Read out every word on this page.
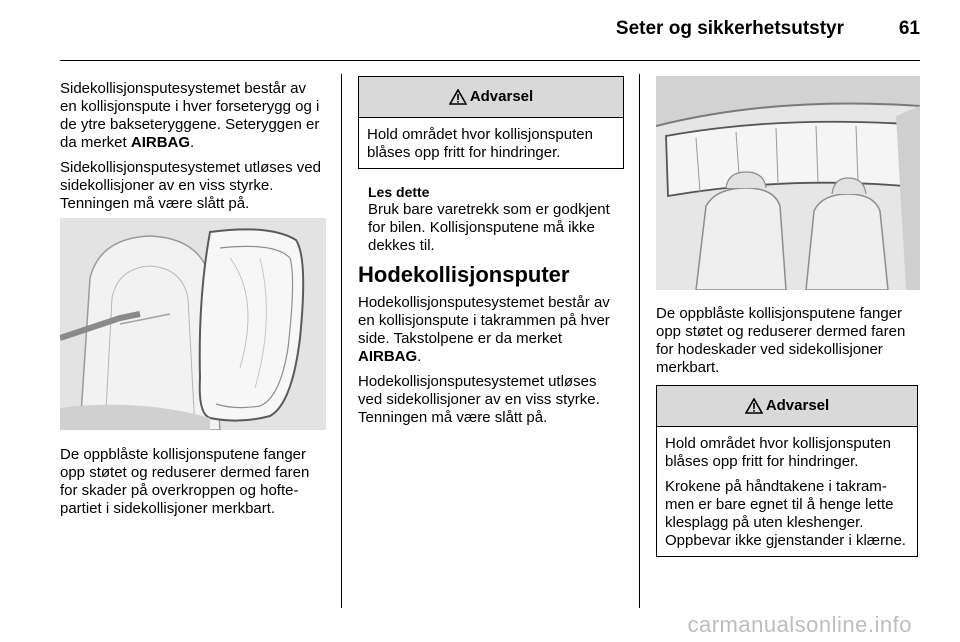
Seter og sikkerhetsutstyr	61

Sidekollisjonsputesystemet består av en kollisjonspute i hver forseterygg og i de ytre bakseteryggene. Seteryggen er da merket AIRBAG.

Sidekollisjonsputesystemet utløses ved sidekollisjoner av en viss styrke. Tenningen må være slått på.

De oppblåste kollisjonsputene fanger opp støtet og reduserer dermed faren for skader på overkroppen og hoftepartiet i sidekollisjoner merkbart.

Advarsel

Hold området hvor kollisjonsputen blåses opp fritt for hindringer.

Les dette

Bruk bare varetrekk som er godkjent for bilen. Kollisjonsputene må ikke dekkes til.

Hodekollisjonsputer

Hodekollisjonsputesystemet består av en kollisjonspute i takrammen på hver side. Takstolpene er da merket AIRBAG.

Hodekollisjonsputesystemet utløses ved sidekollisjoner av en viss styrke. Tenningen må være slått på.

De oppblåste kollisjonsputene fanger opp støtet og reduserer dermed faren for hodeskader ved sidekollisjoner merkbart.

Advarsel

Hold området hvor kollisjonsputen blåses opp fritt for hindringer.

Krokene på håndtakene i takrammen er bare egnet til å henge lette klesplagg på uten kleshenger. Oppbevar ikke gjenstander i klærne.

carmanualsonline.info
